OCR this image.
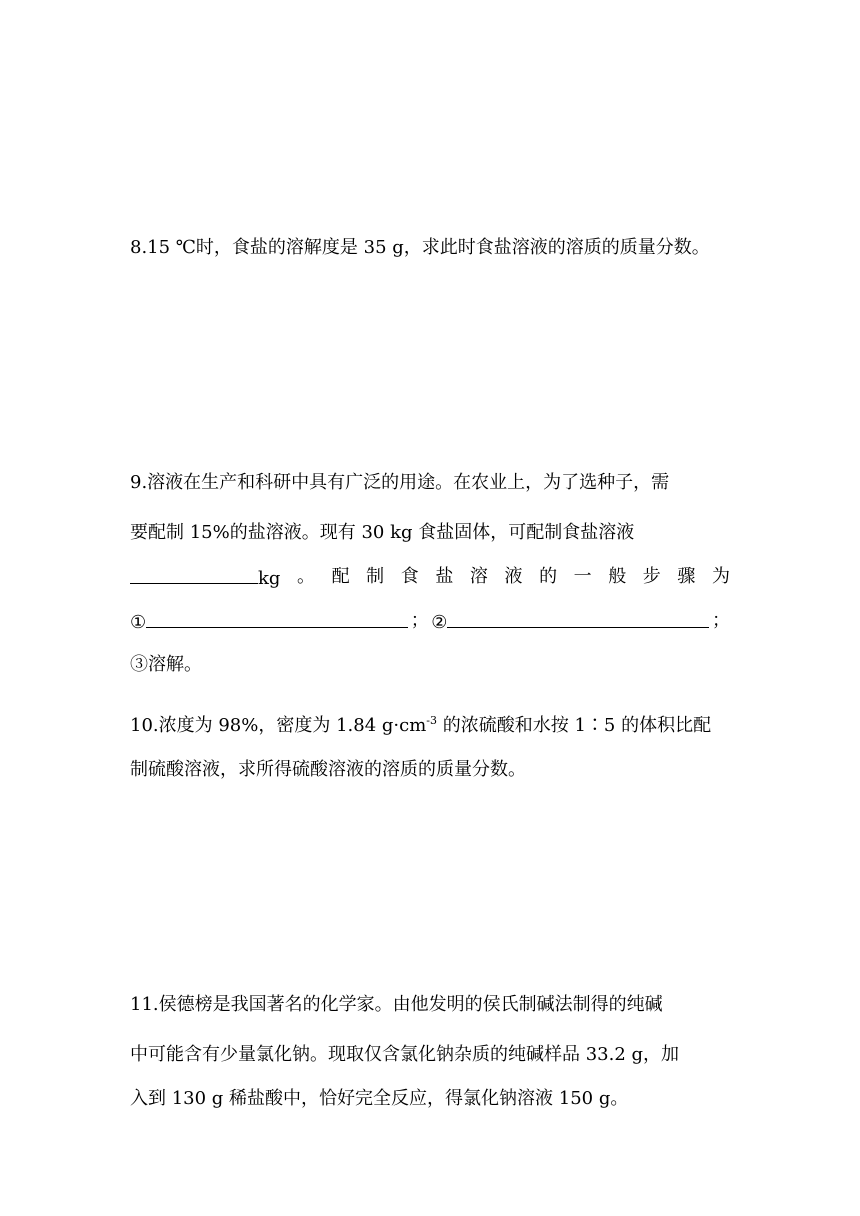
8.15 ℃时，食盐的溶解度是 35 g，求此时食盐溶液的溶质的质量分数。
9.溶液在生产和科研中具有广泛的用途。在农业上，为了选种子，需
要配制 15%的盐溶液。现有 30 kg 食盐固体，可配制食盐溶液
kg 。 配 制 食 盐 溶 液 的 一 般 步 骤 为
①	； ②	；
③溶解。
10.浓度为 98%，密度为 1.84 $g\cdot cm^{-3}$ 的浓硫酸和水按 1∶5 的体积比配
制硫酸溶液，求所得硫酸溶液的溶质的质量分数。
11.侯德榜是我国著名的化学家。由他发明的侯氏制碱法制得的纯碱
中可能含有少量氯化钠。现取仅含氯化钠杂质的纯碱样品 33.2 g，加
入到 130 g 稀盐酸中，恰好完全反应，得氯化钠溶液 150 g。
